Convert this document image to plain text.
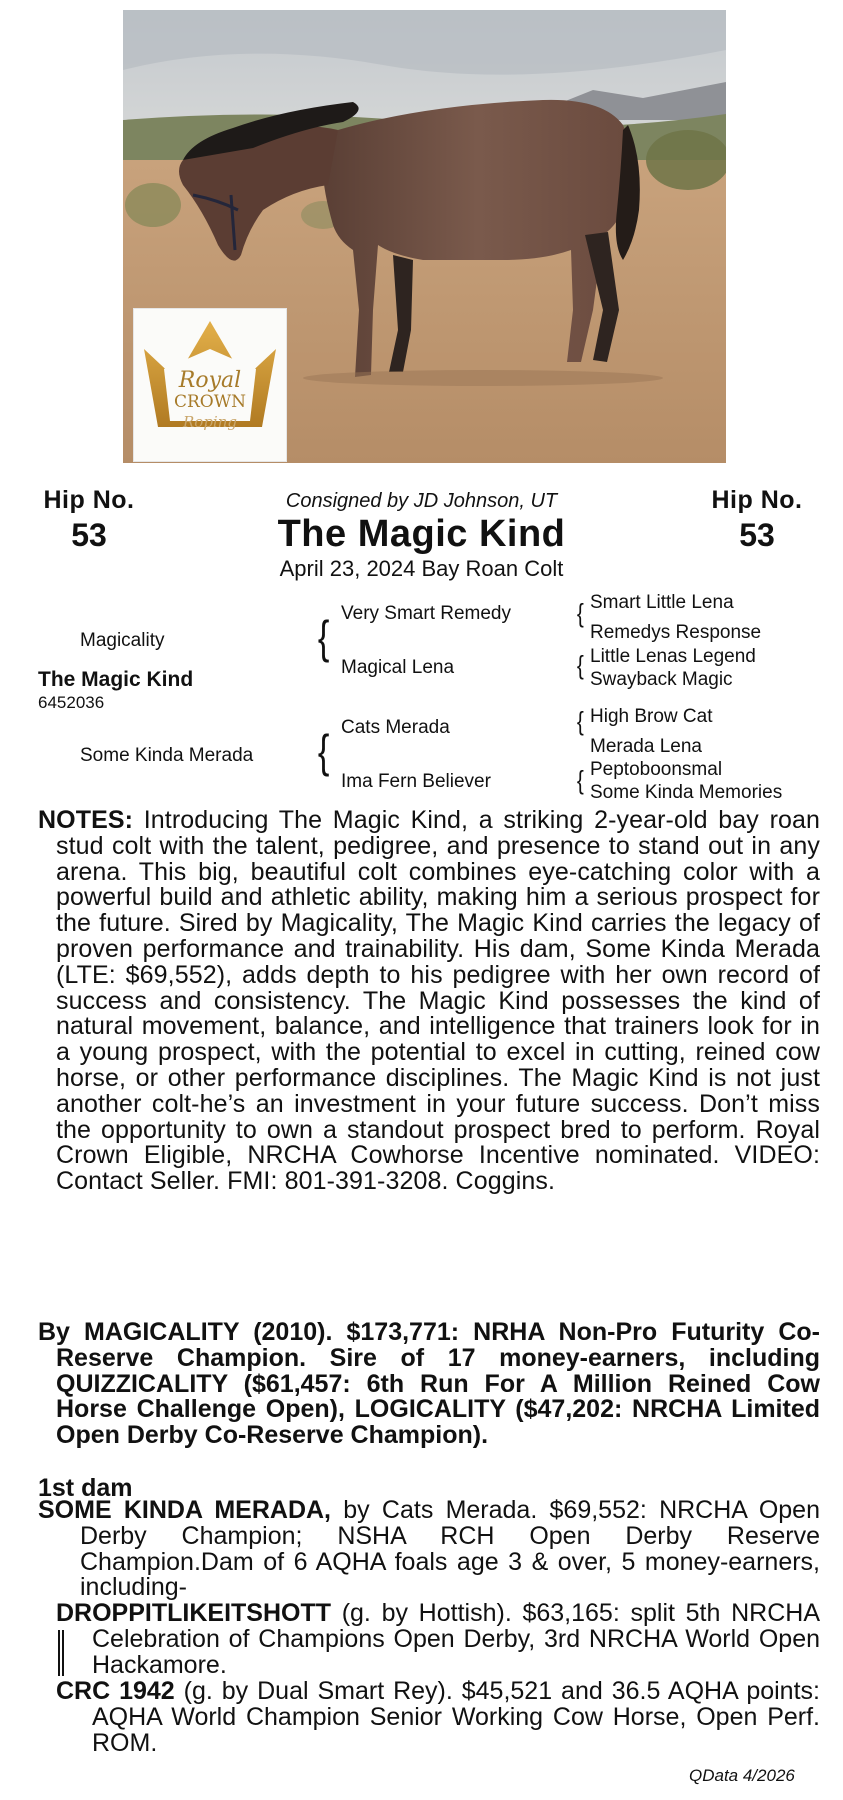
Royal
CROWN
Roping
Hip No.
53
Hip No.
53
Consigned by JD Johnson, UT
The Magic Kind
April 23, 2024 Bay Roan Colt
Magicality
The Magic Kind
6452036
Some Kinda Merada
{
{
Very Smart Remedy
Magical Lena
Cats Merada
Ima Fern Believer
{
{
{
{
Smart Little Lena
Remedys Response
Little Lenas Legend
Swayback Magic
High Brow Cat
Merada Lena
Peptoboonsmal
Some Kinda Memories
NOTES: Introducing The Magic Kind, a striking 2-year-old bay roan stud colt with the talent, pedigree, and presence to stand out in any arena. This big, beautiful colt combines eye-catching color with a powerful build and athletic ability, making him a serious prospect for the future. Sired by Magicality, The Magic Kind carries the legacy of proven performance and trainability. His dam, Some Kinda Merada (LTE: $69,552), adds depth to his pedigree with her own record of success and consistency. The Magic Kind possesses the kind of natural movement, balance, and intelligence that trainers look for in a young prospect, with the potential to excel in cutting, reined cow horse, or other performance disciplines. The Magic Kind is not just another colt-he’s an investment in your future success. Don’t miss the opportunity to own a standout prospect bred to perform. Royal Crown Eligible, NRCHA Cowhorse Incentive nominated. VIDEO: Contact Seller. FMI: 801-391-3208. Coggins.
By MAGICALITY (2010). $173,771: NRHA Non-Pro Futurity Co-Reserve Champion. Sire of 17 money-earners, including QUIZZICALITY ($61,457: 6th Run For A Million Reined Cow Horse Challenge Open), LOGICALITY ($47,202: NRCHA Limited Open Derby Co-Reserve Champion).
1st dam
SOME KINDA MERADA, by Cats Merada. $69,552: NRCHA Open Derby Champion; NSHA RCH Open Derby Reserve Champion.Dam of 6 AQHA foals age 3 & over, 5 money-earners, including-
DROPPITLIKEITSHOTT (g. by Hottish). $63,165: split 5th NRCHA Celebration of Champions Open Derby, 3rd NRCHA World Open Hackamore.
CRC 1942 (g. by Dual Smart Rey). $45,521 and 36.5 AQHA points: AQHA World Champion Senior Working Cow Horse, Open Perf. ROM.
QData 4/2026
